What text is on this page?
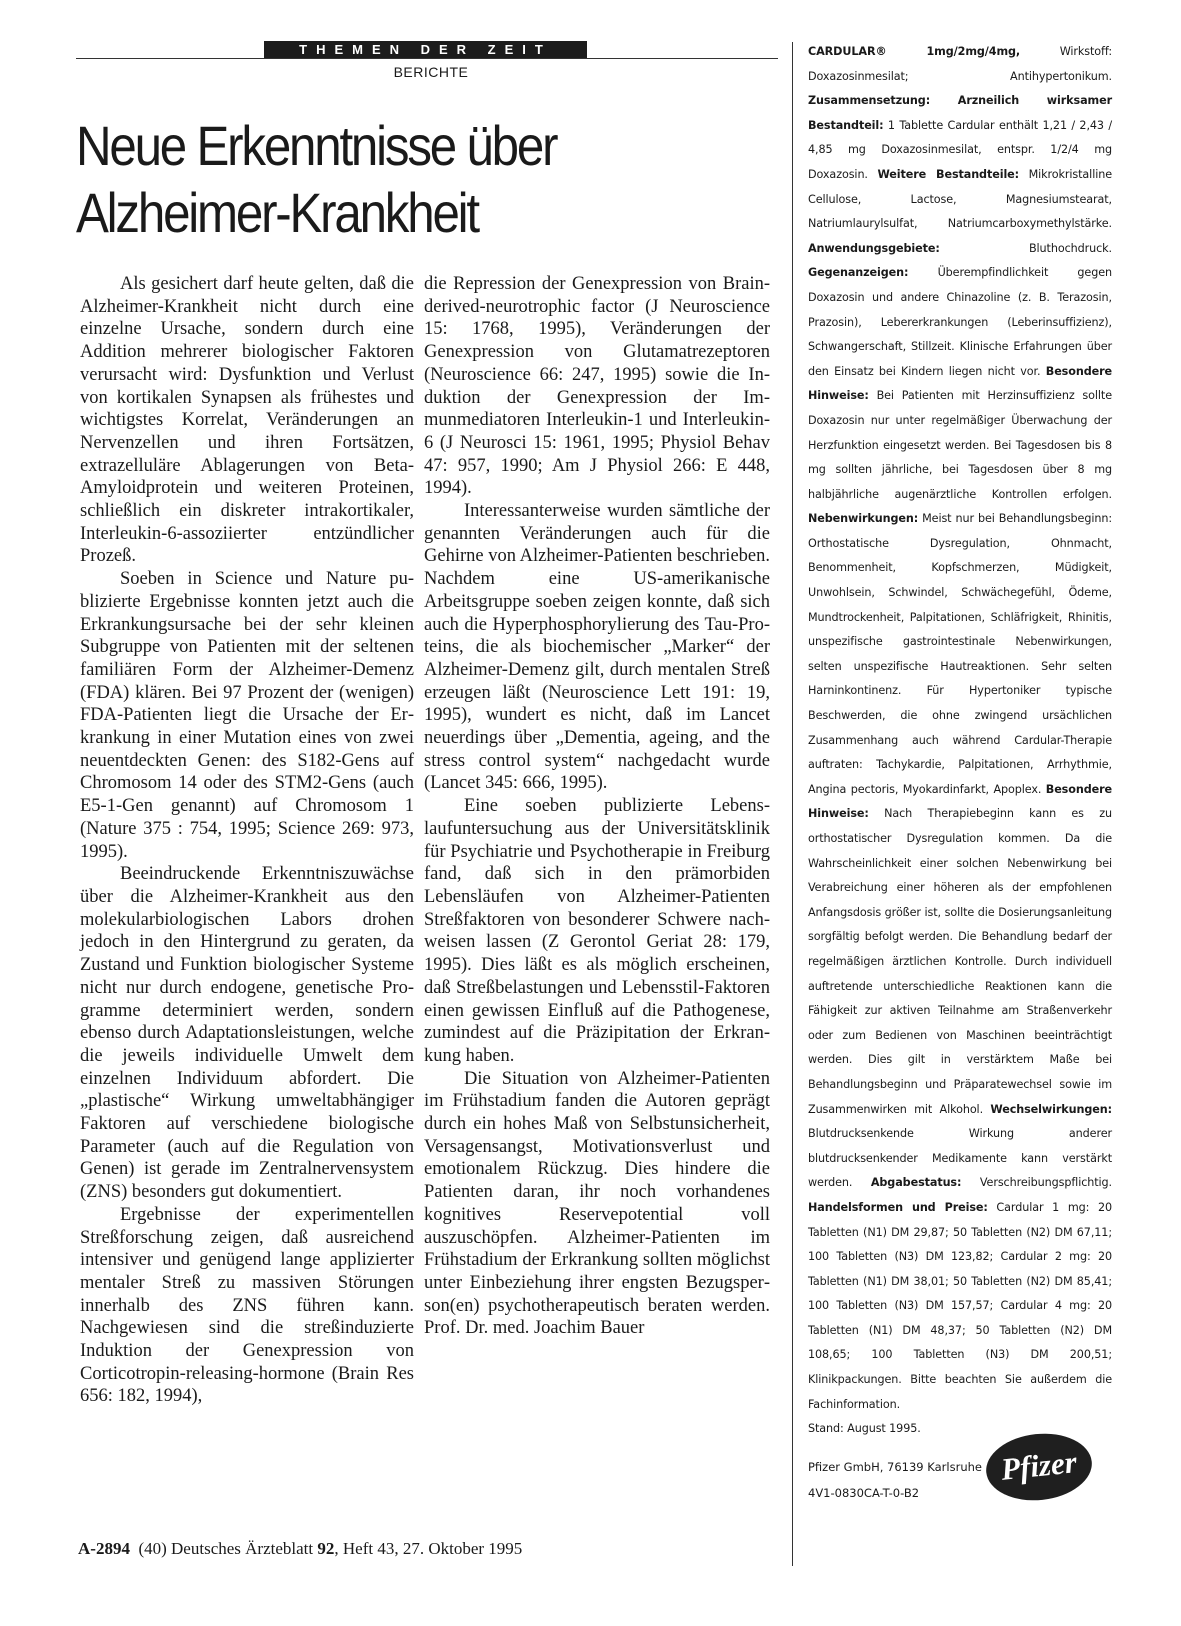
THEMEN DER ZEIT
BERICHTE
Neue Erkenntnisse über
Alzheimer-Krankheit

Als gesichert darf heute gelten, daß die Alzheimer-Krankheit nicht durch eine einzelne Ursache, sondern durch eine Addition mehrerer biologischer Faktoren verursacht wird: Dysfunktion und Verlust von kortikalen Synapsen als frühestes und wichtigstes Korrelat, Veränderungen an Nervenzellen und ihren Fortsätzen, extrazelluläre Ablagerungen von Beta-Amyloidprotein und weiteren Proteinen, schließlich ein diskreter intrakortikaler, Interleukin-6-assoziierter entzündlicher Prozeß.

Soeben in Science und Nature publizierte Ergebnisse konnten jetzt auch die Erkrankungsursache bei der sehr kleinen Subgruppe von Patienten mit der seltenen familiären Form der Alzheimer-Demenz (FDA) klären. Bei 97 Prozent der (wenigen) FDA-Patienten liegt die Ursache der Erkrankung in einer Mutation eines von zwei neuentdeckten Genen: des S182-Gens auf Chromosom 14 oder des STM2-Gens (auch E5-1-Gen genannt) auf Chromosom 1 (Nature 375 : 754, 1995; Science 269: 973, 1995).

Beeindruckende Erkenntniszuwächse über die Alzheimer-Krankheit aus den molekularbiologischen Labors drohen jedoch in den Hintergrund zu geraten, da Zustand und Funktion biologischer Systeme nicht nur durch endogene, genetische Programme determiniert werden, sondern ebenso durch Adaptationsleistungen, welche die jeweils individuelle Umwelt dem einzelnen Individuum abfordert. Die „plastische“ Wirkung umweltabhängiger Faktoren auf verschiedene biologische Parameter (auch auf die Regulation von Genen) ist gerade im Zentralnervensystem (ZNS) besonders gut dokumentiert.

Ergebnisse der experimentellen Streßforschung zeigen, daß ausreichend intensiver und genügend lange applizierter mentaler Streß zu massiven Störungen innerhalb des ZNS führen kann. Nachgewiesen sind die streßinduzierte Induktion der Genexpression von Corticotropin-releasing-hormone (Brain Res 656: 182, 1994),

die Repression der Genexpression von Brain-derived-neurotrophic factor (J Neuroscience 15: 1768, 1995), Veränderungen der Genexpression von Glutamatrezeptoren (Neuroscience 66: 247, 1995) sowie die Induktion der Genexpression der Immunmediatoren Interleukin-1 und Interleukin-6 (J Neurosci 15: 1961, 1995; Physiol Behav 47: 957, 1990; Am J Physiol 266: E 448, 1994).

Interessanterweise wurden sämtliche der genannten Veränderungen auch für die Gehirne von Alzheimer-Patienten beschrieben. Nachdem eine US-amerikanische Arbeitsgruppe soeben zeigen konnte, daß sich auch die Hyperphosphorylierung des Tau-Proteins, die als biochemischer „Marker“ der Alzheimer-Demenz gilt, durch mentalen Streß erzeugen läßt (Neuroscience Lett 191: 19, 1995), wundert es nicht, daß im Lancet neuerdings über „Dementia, ageing, and the stress control system“ nachgedacht wurde (Lancet 345: 666, 1995).

Eine soeben publizierte Lebenslaufuntersuchung aus der Universitätsklinik für Psychiatrie und Psychotherapie in Freiburg fand, daß sich in den prämorbiden Lebensläufen von Alzheimer-Patienten Streßfaktoren von besonderer Schwere nachweisen lassen (Z Gerontol Geriat 28: 179, 1995). Dies läßt es als möglich erscheinen, daß Streßbelastungen und Lebensstil-Faktoren einen gewissen Einfluß auf die Pathogenese, zumindest auf die Präzipitation der Erkrankung haben.

Die Situation von Alzheimer-Patienten im Frühstadium fanden die Autoren geprägt durch ein hohes Maß von Selbstunsicherheit, Versagensangst, Motivationsverlust und emotionalem Rückzug. Dies hindere die Patienten daran, ihr noch vorhandenes kognitives Reservepotential voll auszuschöpfen. Alzheimer-Patienten im Frühstadium der Erkrankung sollten möglichst unter Einbeziehung ihrer engsten Bezugsperson(en) psychotherapeutisch beraten werden. Prof. Dr. med. Joachim Bauer

CARDULAR® 1mg/2mg/4mg, Wirkstoff: Doxazosinmesilat; Antihypertonikum. Zusammensetzung: Arzneilich wirksamer Bestandteil: 1 Tablette Cardular enthält 1,21 / 2,43 / 4,85 mg Doxazosinmesilat, entspr. 1/2/4 mg Doxazosin. Weitere Bestandteile: Mikrokristalline Cellulose, Lactose, Magnesiumstearat, Natriumlaurylsulfat, Natriumcarboxymethylstärke. Anwendungsgebiete: Bluthochdruck. Gegenanzeigen: Überempfindlichkeit gegen Doxazosin und andere Chinazoline (z. B. Terazosin, Prazosin), Lebererkrankungen (Leberinsuffizienz), Schwangerschaft, Stillzeit. Klinische Erfahrungen über den Einsatz bei Kindern liegen nicht vor. Besondere Hinweise: Bei Patienten mit Herzinsuffizienz sollte Doxazosin nur unter regelmäßiger Überwachung der Herzfunktion eingesetzt werden. Bei Tagesdosen bis 8 mg sollten jährliche, bei Tagesdosen über 8 mg halbjährliche augenärztliche Kontrollen erfolgen. Nebenwirkungen: Meist nur bei Behandlungsbeginn: Orthostatische Dysregulation, Ohnmacht, Benommenheit, Kopfschmerzen, Müdigkeit, Unwohlsein, Schwindel, Schwächegefühl, Ödeme, Mundtrockenheit, Palpitationen, Schläfrigkeit, Rhinitis, unspezifische gastrointestinale Nebenwirkungen, selten unspezifische Hautreaktionen. Sehr selten Harninkontinenz. Für Hypertoniker typische Beschwerden, die ohne zwingend ursächlichen Zusammenhang auch während Cardular-Therapie auftraten: Tachykardie, Palpitationen, Arrhythmie, Angina pectoris, Myokardinfarkt, Apoplex. Besondere Hinweise: Nach Therapiebeginn kann es zu orthostatischer Dysregulation kommen. Da die Wahrscheinlichkeit einer solchen Nebenwirkung bei Verabreichung einer höheren als der empfohlenen Anfangsdosis größer ist, sollte die Dosierungsanleitung sorgfältig befolgt werden. Die Behandlung bedarf der regelmäßigen ärztlichen Kontrolle. Durch individuell auftretende unterschiedliche Reaktionen kann die Fähigkeit zur aktiven Teilnahme am Straßenverkehr oder zum Bedienen von Maschinen beeinträchtigt werden. Dies gilt in verstärktem Maße bei Behandlungsbeginn und Präparatewechsel sowie im Zusammenwirken mit Alkohol. Wechselwirkungen: Blutdrucksenkende Wirkung anderer blutdrucksenkender Medikamente kann verstärkt werden. Abgabestatus: Verschreibungspflichtig. Handelsformen und Preise: Cardular 1 mg: 20 Tabletten (N1) DM 29,87; 50 Tabletten (N2) DM 67,11; 100 Tabletten (N3) DM 123,82; Cardular 2 mg: 20 Tabletten (N1) DM 38,01; 50 Tabletten (N2) DM 85,41; 100 Tabletten (N3) DM 157,57; Cardular 4 mg: 20 Tabletten (N1) DM 48,37; 50 Tabletten (N2) DM 108,65; 100 Tabletten (N3) DM 200,51; Klinikpackungen. Bitte beachten Sie außerdem die Fachinformation.
Stand: August 1995.
Pfizer GmbH, 76139 Karlsruhe
4V1-0830CA-T-0-B2
Pfizer
A-2894 (40) Deutsches Ärzteblatt 92, Heft 43, 27. Oktober 1995
